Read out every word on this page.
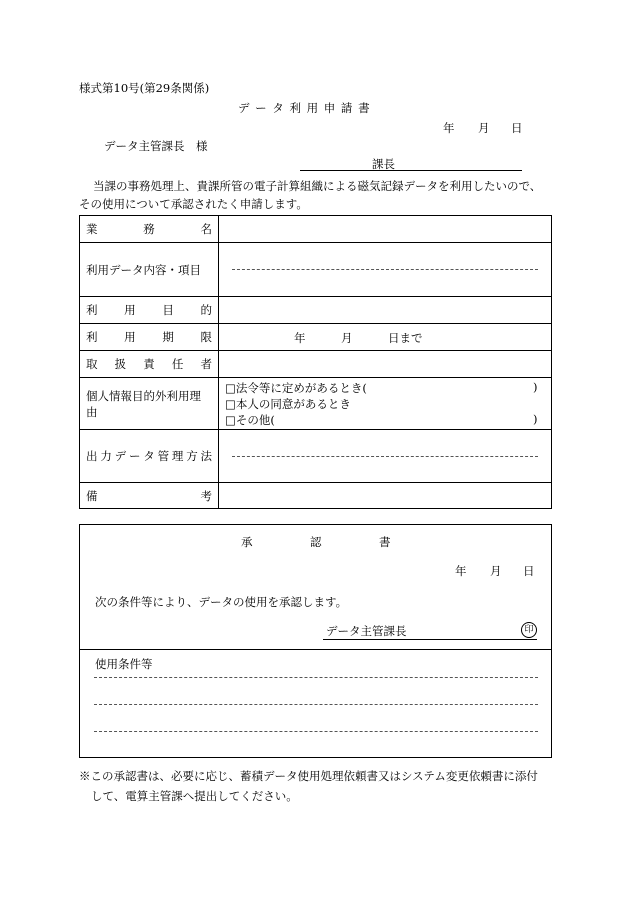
様式第10号(第29条関係)
デ ー タ 利 用 申 請 書
年 月 日
データ主管課長　様
課長
当課の事務処理上、貴課所管の電子計算組織による磁気記録データを利用したいので、
その使用について承認されたく申請します。
業	務	名
利用データ内容・項目
利 用 目 的
利 用 期 限	年	月	日まで
取 扱 責 任 者
個人情報目的外利用理由
□法令等に定めがあるとき(	)
□本人の同意があるとき
□その他(	)
出 力 デ ー タ 管 理 方 法
備	考
承	認	書
年 月 日
次の条件等により、データの使用を承認します。
データ主管課長	印
使用条件等
※この承認書は、必要に応じ、蓄積データ使用処理依頼書又はシステム変更依頼書に添付
して、電算主管課へ提出してください。
